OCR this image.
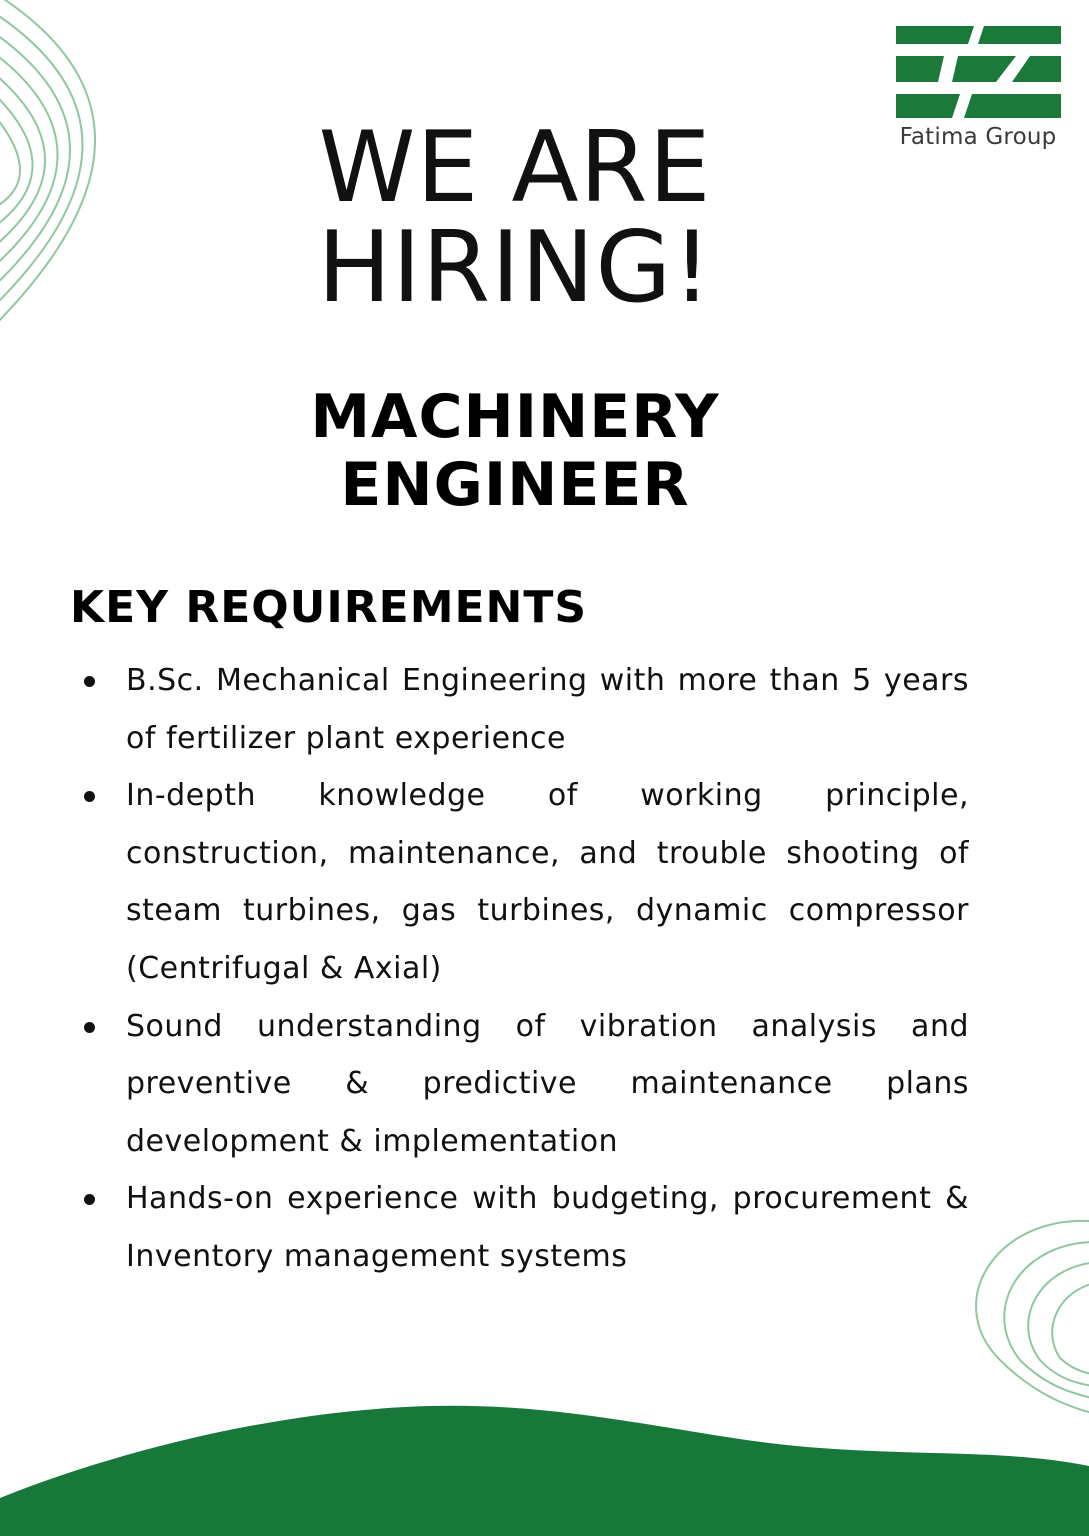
Fatima Group
WE ARE
HIRING!
MACHINERY
ENGINEER
KEY REQUIREMENTS
B.Sc. Mechanical Engineering with more than 5 years of fertilizer plant experience
In-depth knowledge of working principle, construction, maintenance, and trouble shooting of steam turbines, gas turbines, dynamic compressor (Centrifugal & Axial)
Sound understanding of vibration analysis and preventive & predictive maintenance plans development & implementation
Hands-on experience with budgeting, procurement & Inventory management systems
